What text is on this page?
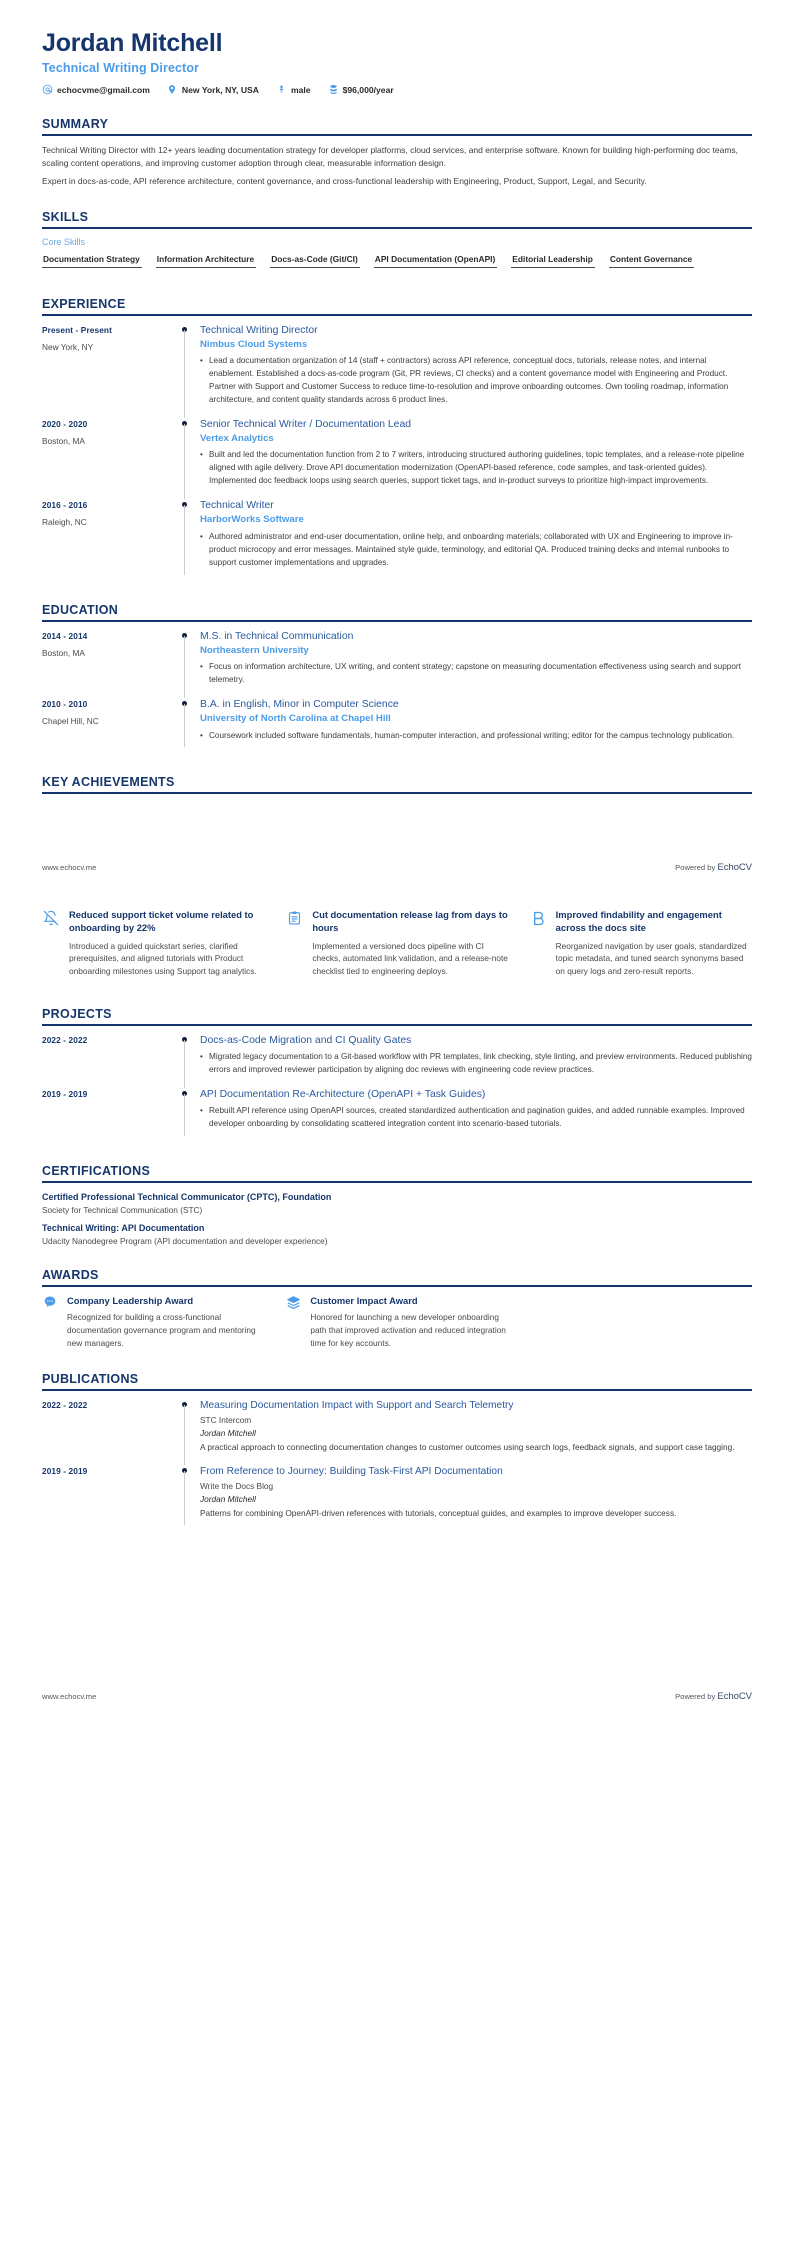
Jordan Mitchell
Technical Writing Director
echocvme@gmail.com	New York, NY, USA	male	$96,000/year
SUMMARY
Technical Writing Director with 12+ years leading documentation strategy for developer platforms, cloud services, and enterprise software. Known for building high-performing doc teams, scaling content operations, and improving customer adoption through clear, measurable information design.
Expert in docs-as-code, API reference architecture, content governance, and cross-functional leadership with Engineering, Product, Support, Legal, and Security.
SKILLS
Core Skills
Documentation Strategy Information Architecture Docs-as-Code (Git/CI) API Documentation (OpenAPI) Editorial Leadership Content Governance
EXPERIENCE
Present - Present
New York, NY
Technical Writing Director
Nimbus Cloud Systems
• Lead a documentation organization of 14 (staff + contractors) across API reference, conceptual docs, tutorials, release notes, and internal enablement. Established a docs-as-code program (Git, PR reviews, CI checks) and a content governance model with Engineering and Product. Partner with Support and Customer Success to reduce time-to-resolution and improve onboarding outcomes. Own tooling roadmap, information architecture, and content quality standards across 6 product lines.
2020 - 2020
Boston, MA
Senior Technical Writer / Documentation Lead
Vertex Analytics
• Built and led the documentation function from 2 to 7 writers, introducing structured authoring guidelines, topic templates, and a release-note pipeline aligned with agile delivery. Drove API documentation modernization (OpenAPI-based reference, code samples, and task-oriented guides). Implemented doc feedback loops using search queries, support ticket tags, and in-product surveys to prioritize high-impact improvements.
2016 - 2016
Raleigh, NC
Technical Writer
HarborWorks Software
• Authored administrator and end-user documentation, online help, and onboarding materials; collaborated with UX and Engineering to improve in-product microcopy and error messages. Maintained style guide, terminology, and editorial QA. Produced training decks and internal runbooks to support customer implementations and upgrades.
EDUCATION
2014 - 2014
Boston, MA
M.S. in Technical Communication
Northeastern University
• Focus on information architecture, UX writing, and content strategy; capstone on measuring documentation effectiveness using search and support telemetry.
2010 - 2010
Chapel Hill, NC
B.A. in English, Minor in Computer Science
University of North Carolina at Chapel Hill
• Coursework included software fundamentals, human-computer interaction, and professional writing; editor for the campus technology publication.
KEY ACHIEVEMENTS
www.echocv.me	Powered by EchoCV
Reduced support ticket volume related to onboarding by 22%
Introduced a guided quickstart series, clarified prerequisites, and aligned tutorials with Product onboarding milestones using Support tag analytics.
Cut documentation release lag from days to hours
Implemented a versioned docs pipeline with CI checks, automated link validation, and a release-note checklist tied to engineering deploys.
Improved findability and engagement across the docs site
Reorganized navigation by user goals, standardized topic metadata, and tuned search synonyms based on query logs and zero-result reports.
PROJECTS
2022 - 2022	Docs-as-Code Migration and CI Quality Gates
• Migrated legacy documentation to a Git-based workflow with PR templates, link checking, style linting, and preview environments. Reduced publishing errors and improved reviewer participation by aligning doc reviews with engineering code review practices.
2019 - 2019	API Documentation Re-Architecture (OpenAPI + Task Guides)
• Rebuilt API reference using OpenAPI sources, created standardized authentication and pagination guides, and added runnable examples. Improved developer onboarding by consolidating scattered integration content into scenario-based tutorials.
CERTIFICATIONS
Certified Professional Technical Communicator (CPTC), Foundation
Society for Technical Communication (STC)
Technical Writing: API Documentation
Udacity Nanodegree Program (API documentation and developer experience)
AWARDS
Company Leadership Award
Recognized for building a cross-functional documentation governance program and mentoring new managers.
Customer Impact Award
Honored for launching a new developer onboarding path that improved activation and reduced integration time for key accounts.
PUBLICATIONS
2022 - 2022	Measuring Documentation Impact with Support and Search Telemetry
STC Intercom
Jordan Mitchell
A practical approach to connecting documentation changes to customer outcomes using search logs, feedback signals, and support case tagging.
2019 - 2019	From Reference to Journey: Building Task-First API Documentation
Write the Docs Blog
Jordan Mitchell
Patterns for combining OpenAPI-driven references with tutorials, conceptual guides, and examples to improve developer success.
www.echocv.me	Powered by EchoCV
